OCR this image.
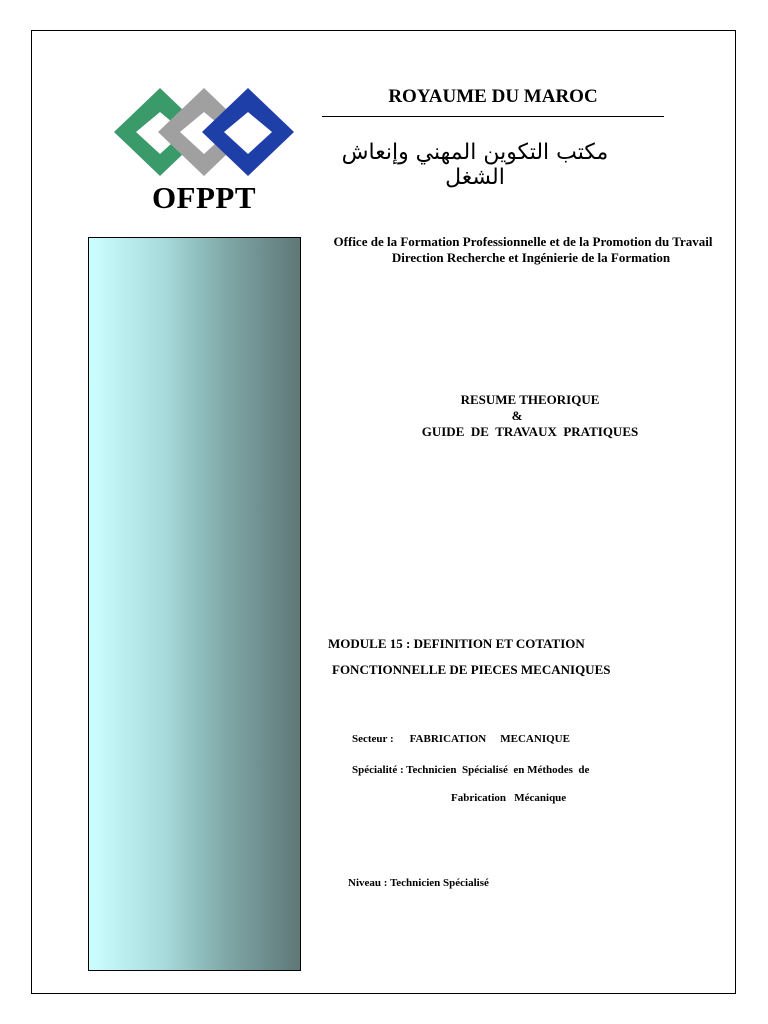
OFPPT
ROYAUME DU MAROC
مكتب التكوين المهني وإنعاش الشغل
Office de la Formation Professionnelle et de la Promotion du Travail
Direction Recherche et Ingénierie de la Formation
RESUME THEORIQUE
&
GUIDE  DE  TRAVAUX  PRATIQUES
MODULE 15 : DEFINITION ET COTATION
FONCTIONNELLE DE PIECES MECANIQUES
Secteur : FABRICATION MECANIQUE
Spécialité : Technicien  Spécialisé  en Méthodes  de
Fabrication   Mécanique
Niveau : Technicien Spécialisé
